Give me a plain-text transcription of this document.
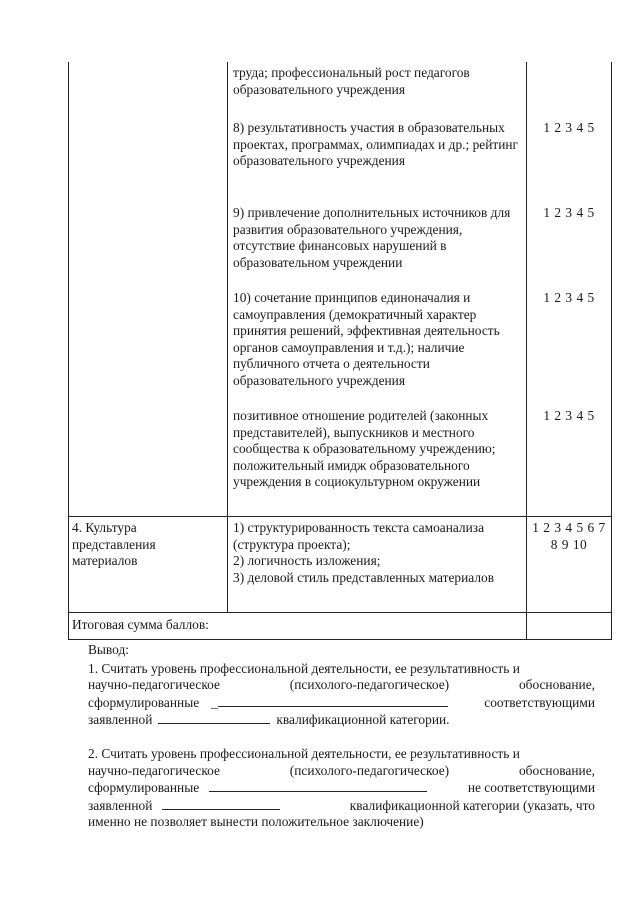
	труда; профессиональный рост педагогов образовательного учреждения	

	8) результативность участия в образовательных проектах, программах, олимпиадах и др.; рейтинг образовательного учреждения	1 2 3 4 5

	9) привлечение дополнительных источников для развития образовательного учреждения, отсутствие финансовых нарушений в образовательном учреждении	1 2 3 4 5

	10) сочетание принципов единоначалия и самоуправления (демократичный характер принятия решений, эффективная деятельность органов самоуправления и т.д.); наличие публичного отчета о деятельности образовательного учреждения	1 2 3 4 5

	позитивное отношение родителей (законных представителей), выпускников и местного сообщества к образовательному учреждению; положительный имидж образовательного учреждения в социокультурном окружении	1 2 3 4 5

4. Культура представления материалов	1) структурированность текста самоанализа (структура проекта);
2) логичность изложения;
3) деловой стиль представленных материалов	1 2 3 4 5 6 7
8 9 10

Итоговая сумма баллов:		

Вывод:
1. Считать уровень профессиональной деятельности, ее результативность и
научно-педагогическое	(психолого-педагогическое)	обоснование,
сформулированные _	соответствующими
заявленной	квалификационной категории.
2. Считать уровень профессиональной деятельности, ее результативность и
научно-педагогическое	(психолого-педагогическое)	обоснование,
сформулированные	не соответствующими
заявленной	квалификационной категории (указать, что
именно не позволяет вынести положительное заключение)
